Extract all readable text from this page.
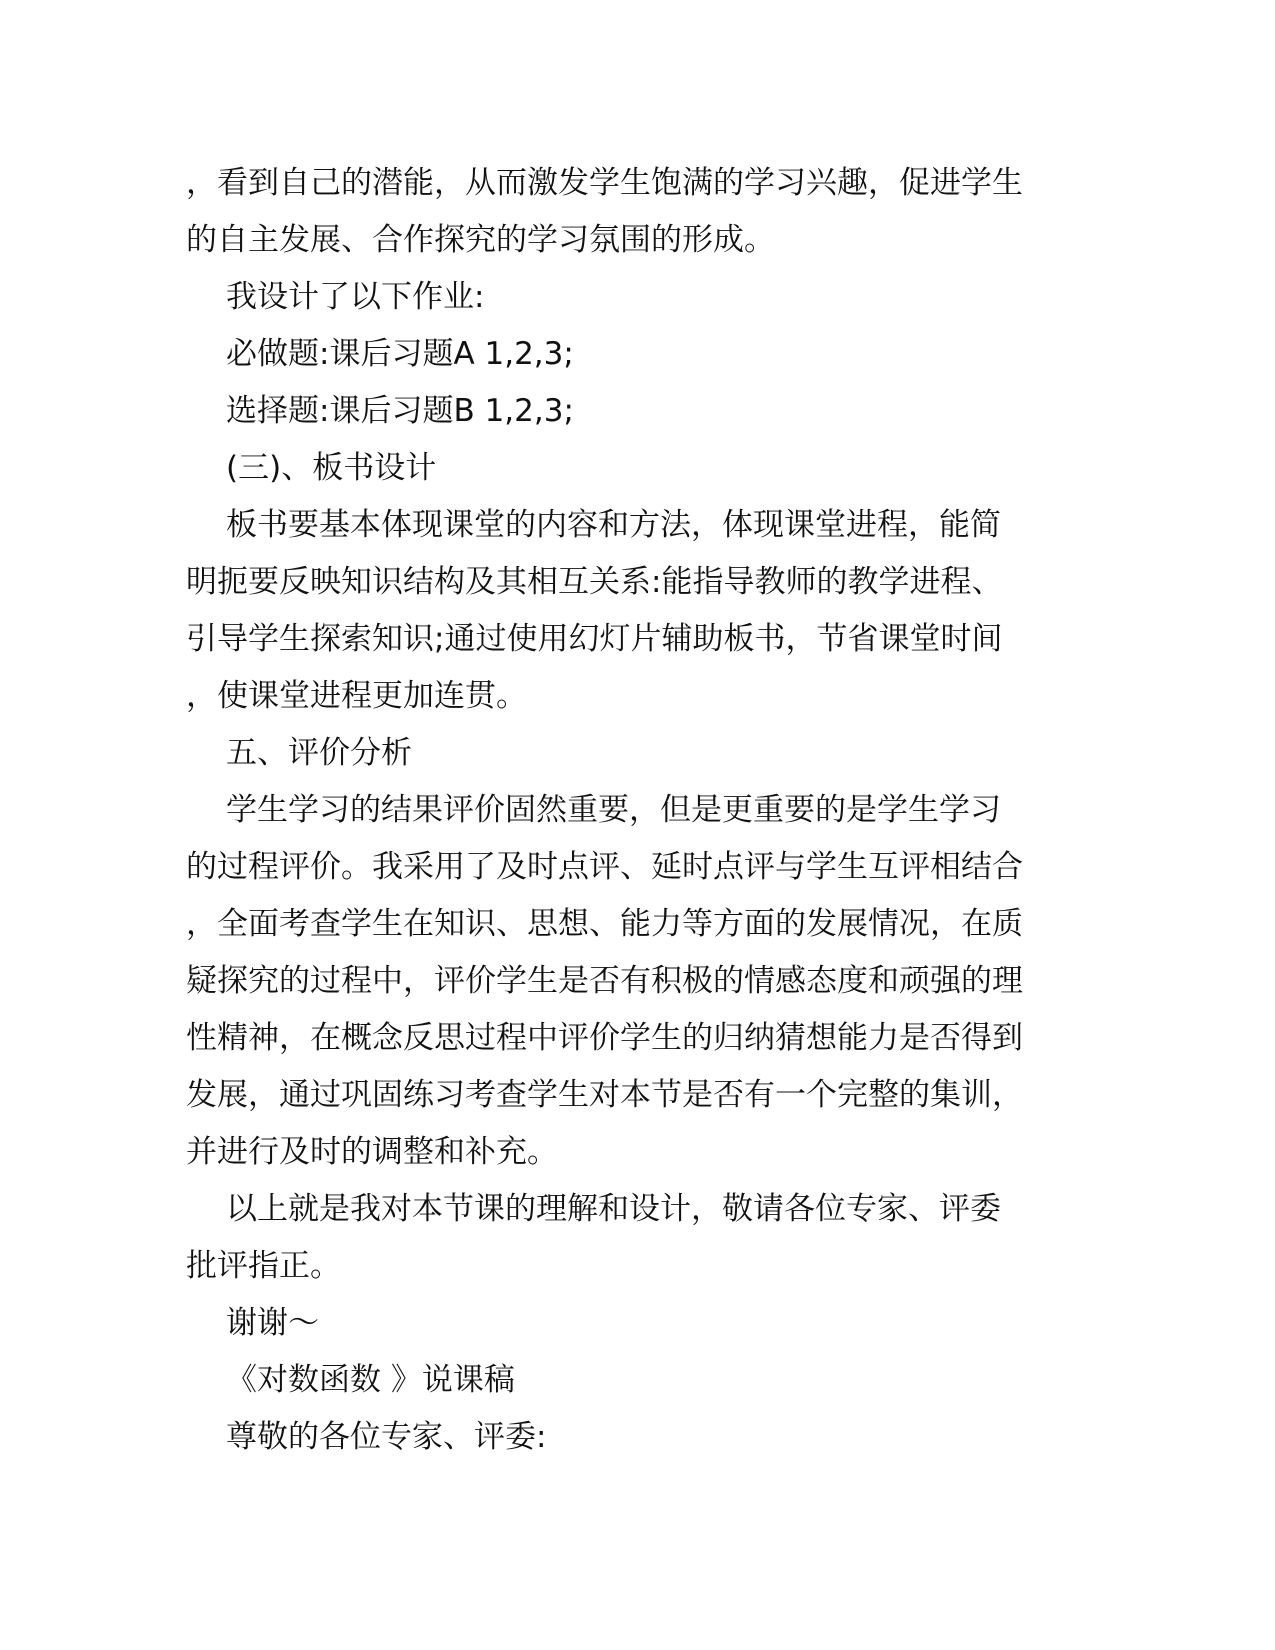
，看到自己的潜能，从而激发学生饱满的学习兴趣，促进学生
的自主发展、合作探究的学习氛围的形成。
我设计了以下作业:
必做题:课后习题A 1,2,3;
选择题:课后习题B 1,2,3;
(三)、板书设计
板书要基本体现课堂的内容和方法，体现课堂进程，能简
明扼要反映知识结构及其相互关系:能指导教师的教学进程、
引导学生探索知识;通过使用幻灯片辅助板书，节省课堂时间
，使课堂进程更加连贯。
五、评价分析
学生学习的结果评价固然重要，但是更重要的是学生学习
的过程评价。我采用了及时点评、延时点评与学生互评相结合
，全面考查学生在知识、思想、能力等方面的发展情况，在质
疑探究的过程中，评价学生是否有积极的情感态度和顽强的理
性精神，在概念反思过程中评价学生的归纳猜想能力是否得到
发展，通过巩固练习考查学生对本节是否有一个完整的集训，
并进行及时的调整和补充。
以上就是我对本节课的理解和设计，敬请各位专家、评委
批评指正。
谢谢～
《对数函数 》说课稿
尊敬的各位专家、评委:
